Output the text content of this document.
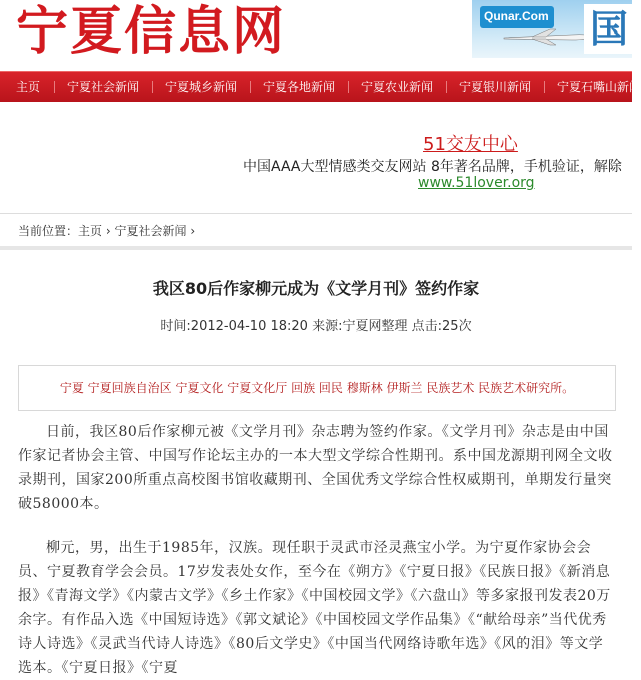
宁夏信息网	Qunar.Com 国
主页 宁夏社会新闻 宁夏城乡新闻 宁夏各地新闻 宁夏农业新闻 宁夏银川新闻 宁夏石嘴山新闻
51交友中心
中国AAA大型情感类交友网站 8年著名品牌，手机验证，解除
www.51lover.org
当前位置：主页 › 宁夏社会新闻 ›
我区80后作家柳元成为《文学月刊》签约作家
时间:2012-04-10 18:20 来源:宁夏网整理 点击:25次
宁夏 宁夏回族自治区 宁夏文化 宁夏文化厅 回族 回民 穆斯林 伊斯兰 民族艺术 民族艺术研究所。

日前，我区80后作家柳元被《文学月刊》杂志聘为签约作家。《文学月刊》杂志是由中国作家记者协会主管、中国写作论坛主办的一本大型文学综合性期刊。系中国龙源期刊网全文收录期刊，国家200所重点高校图书馆收藏期刊、全国优秀文学综合性权威期刊，单期发行量突破58000本。

柳元，男，出生于1985年，汉族。现任职于灵武市泾灵燕宝小学。为宁夏作家协会会员、宁夏教育学会会员。17岁发表处女作，至今在《朔方》《宁夏日报》《民族日报》《新消息报》《青海文学》《内蒙古文学》《乡土作家》《中国校园文学》《六盘山》等多家报刊发表20万余字。有作品入选《中国短诗选》《郭文斌论》《中国校园文学作品集》《“献给母亲”当代优秀诗人诗选》《灵武当代诗人诗选》《80后文学史》《中国当代网络诗歌年选》《风的泪》等文学选本。《宁夏日报》《宁夏
